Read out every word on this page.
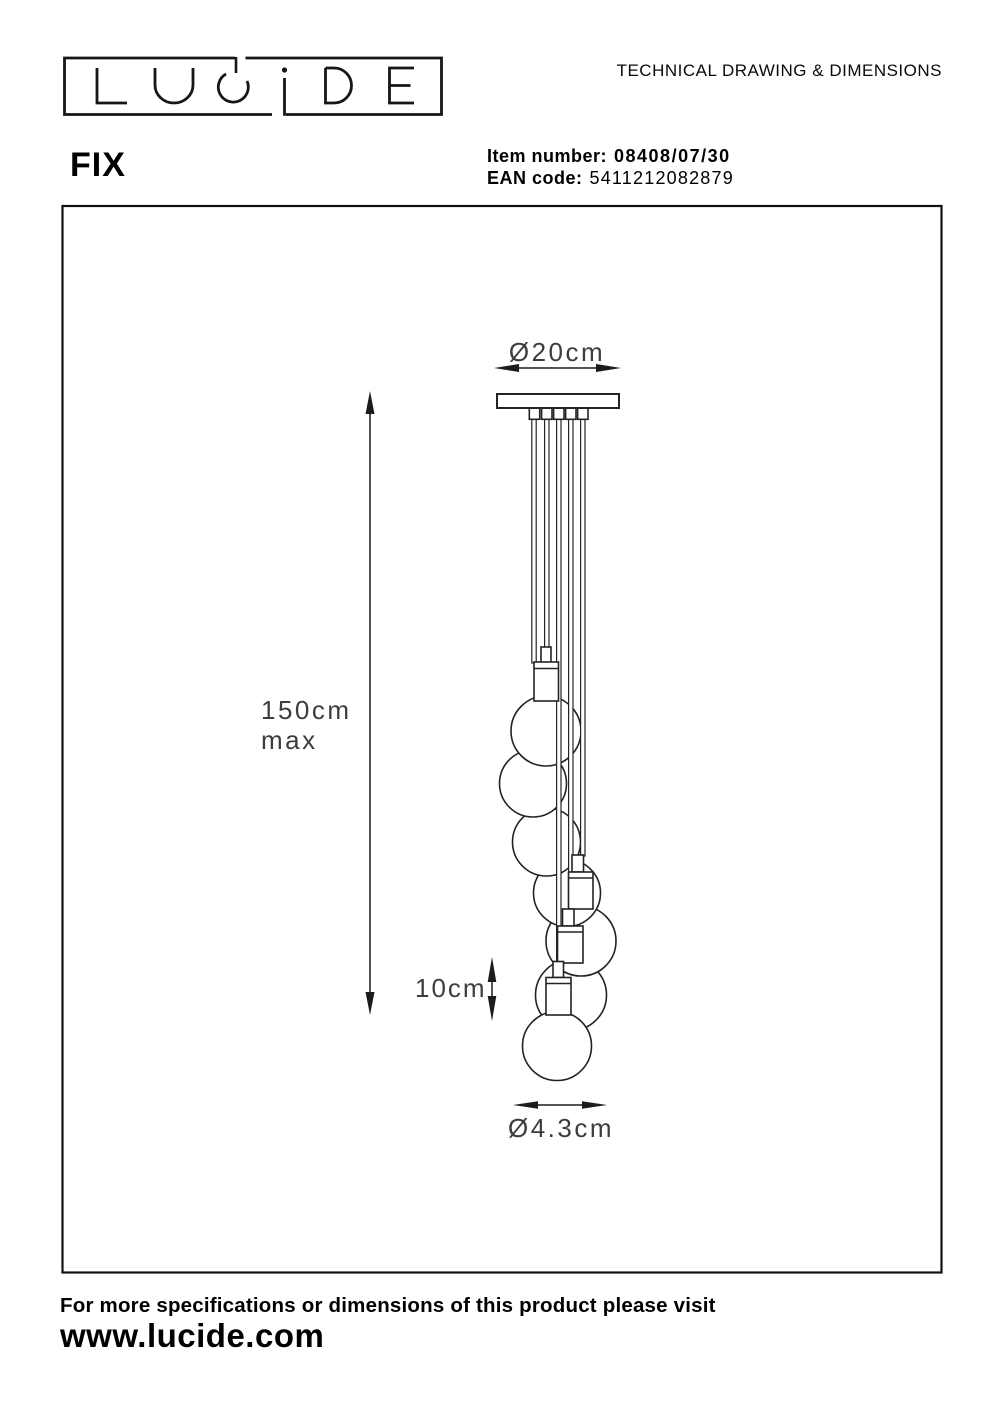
TECHNICAL DRAWING & DIMENSIONS
FIX	Item number: 08408/07/30
EAN code: 5411212082879
Ø20cm
150cm
max
10cm
Ø4.3cm
For more specifications or dimensions of this product please visit
www.lucide.com
